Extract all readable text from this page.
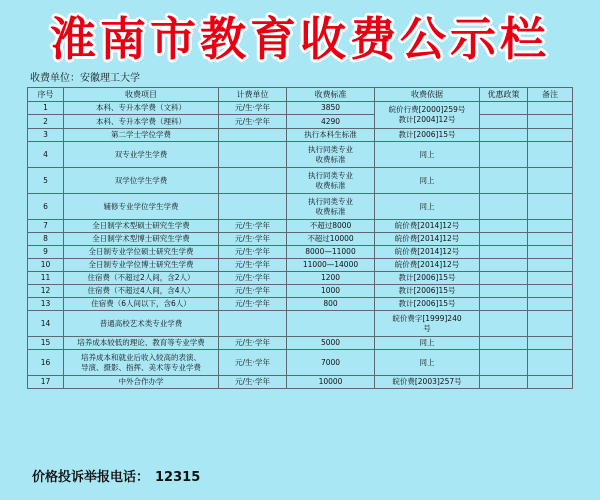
淮南市教育收费公示栏
收费单位：安徽理工大学
序号	收费项目	计费单位	收费标准	收费依据	优惠政策	备注
1	本科、专升本学费（文科）	元/生·学年	3850	皖价行费[2000]259号
教计[2004]12号		
2	本科、专升本学费（理科）	元/生·学年	4290			
3	第二学士学位学费		执行本科生标准	教计[2006]15号		
4	双专业学生学费		执行同类专业
收费标准	同上		
5	双学位学生学费		执行同类专业
收费标准	同上		
6	辅修专业学位学生学费		执行同类专业
收费标准	同上		
7	全日制学术型硕士研究生学费	元/生·学年	不超过8000	皖价费[2014]12号		
8	全日制学术型博士研究生学费	元/生·学年	不超过10000	皖价费[2014]12号		
9	全日制专业学位硕士研究生学费	元/生·学年	8000—11000	皖价费[2014]12号		
10	全日制专业学位博士研究生学费	元/生·学年	11000—14000	皖价费[2014]12号		
11	住宿费（不超过2人间，含2人）	元/生·学年	1200	教计[2006]15号		
12	住宿费（不超过4人间，含4人）	元/生·学年	1000	教计[2006]15号		
13	住宿费（6人间以下，含6人）	元/生·学年	800	教计[2006]15号		
14	普通高校艺术类专业学费			皖价费字[1999]240
号		
15	培养成本较低的理论、教育等专业学费	元/生·学年	5000	同上		
16	培养成本和就业后收入较高的表演、
导演、摄影、指挥、美术等专业学费	元/生·学年	7000	同上		
17	中外合作办学	元/生·学年	10000	皖价费[2003]257号		
价格投诉举报电话： 12315
